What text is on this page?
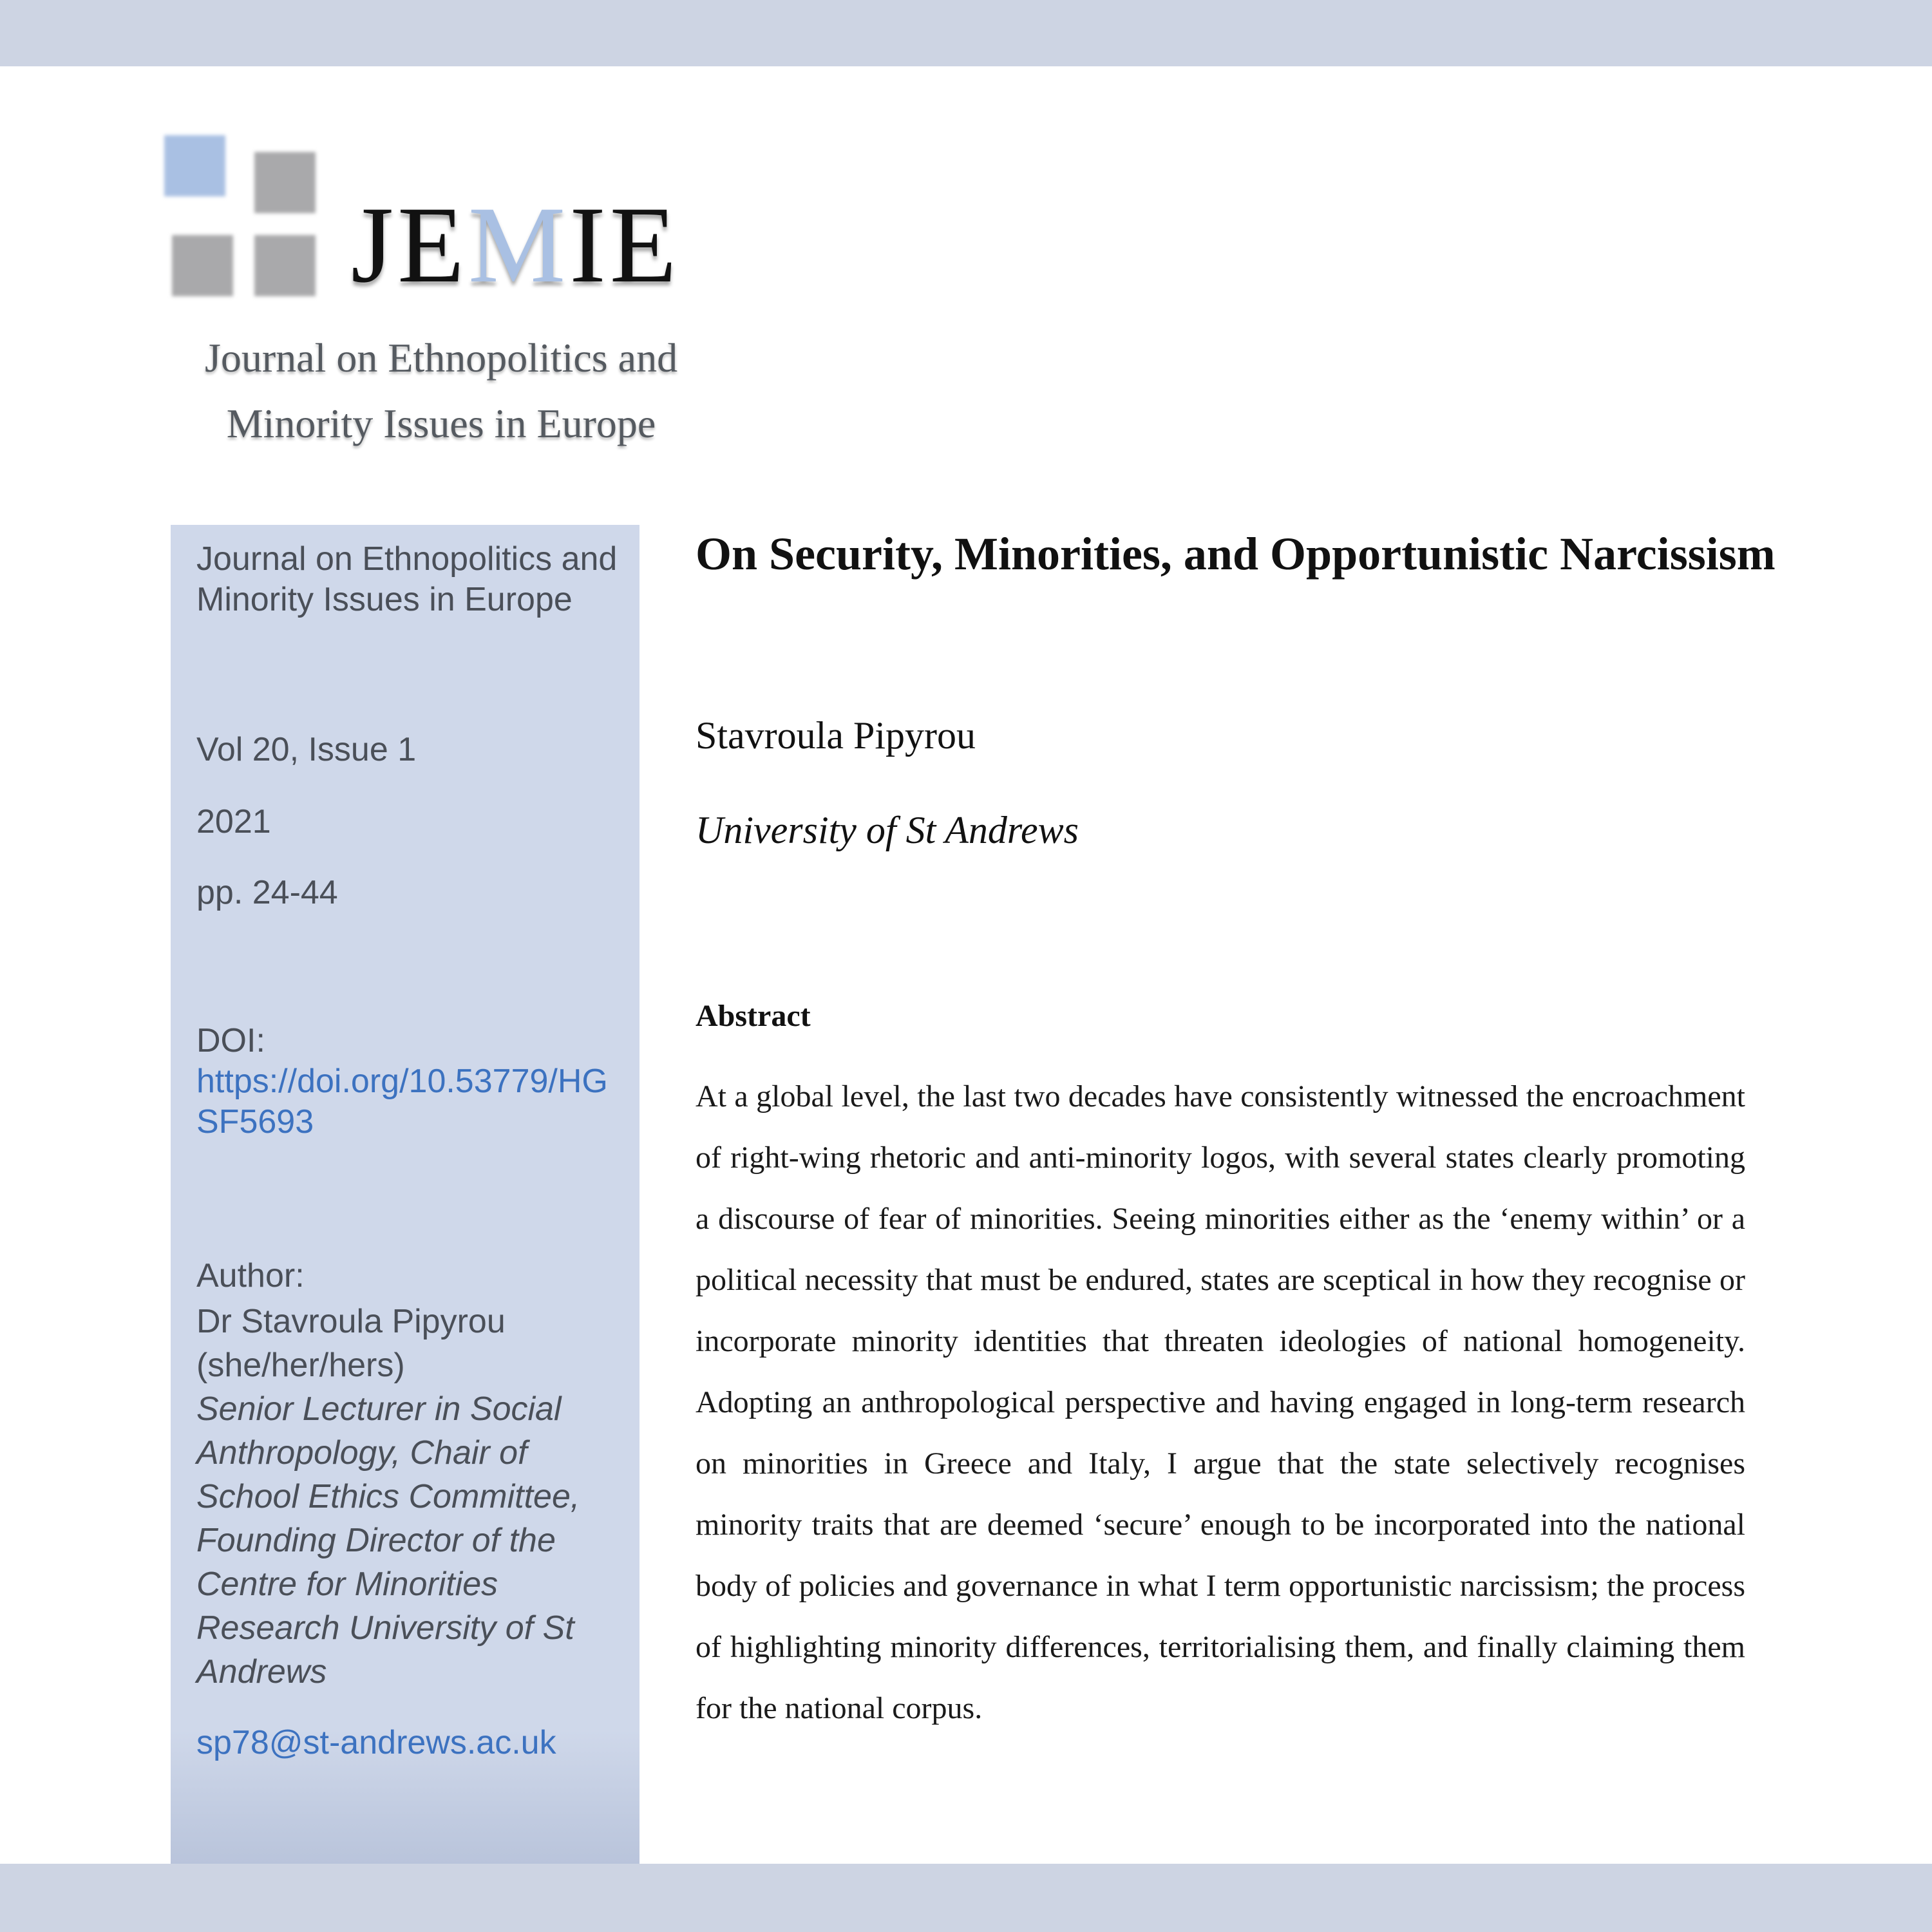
JEMIE
Journal on Ethnopolitics and
Minority Issues in Europe
Journal on Ethnopolitics and Minority Issues in Europe
Vol 20, Issue 1
2021
pp. 24-44
DOI:
https://doi.org/10.53779/HGSF5693
Author:
Dr Stavroula Pipyrou (she/her/hers)
Senior Lecturer in Social Anthropology, Chair of School Ethics Committee, Founding Director of the Centre for Minorities Research University of St Andrews
sp78@st-andrews.ac.uk
On Security, Minorities, and Opportunistic Narcissism
Stavroula Pipyrou
University of St Andrews
Abstract
At a global level, the last two decades have consistently witnessed the encroachment of right-wing rhetoric and anti-minority logos, with several states clearly promoting a discourse of fear of minorities. Seeing minorities either as the ‘enemy within’ or a political necessity that must be endured, states are sceptical in how they recognise or incorporate minority identities that threaten ideologies of national homogeneity. Adopting an anthropological perspective and having engaged in long-term research on minorities in Greece and Italy, I argue that the state selectively recognises minority traits that are deemed ‘secure’ enough to be incorporated into the national body of policies and governance in what I term opportunistic narcissism; the process of highlighting minority differences, territorialising them, and finally claiming them for the national corpus.
